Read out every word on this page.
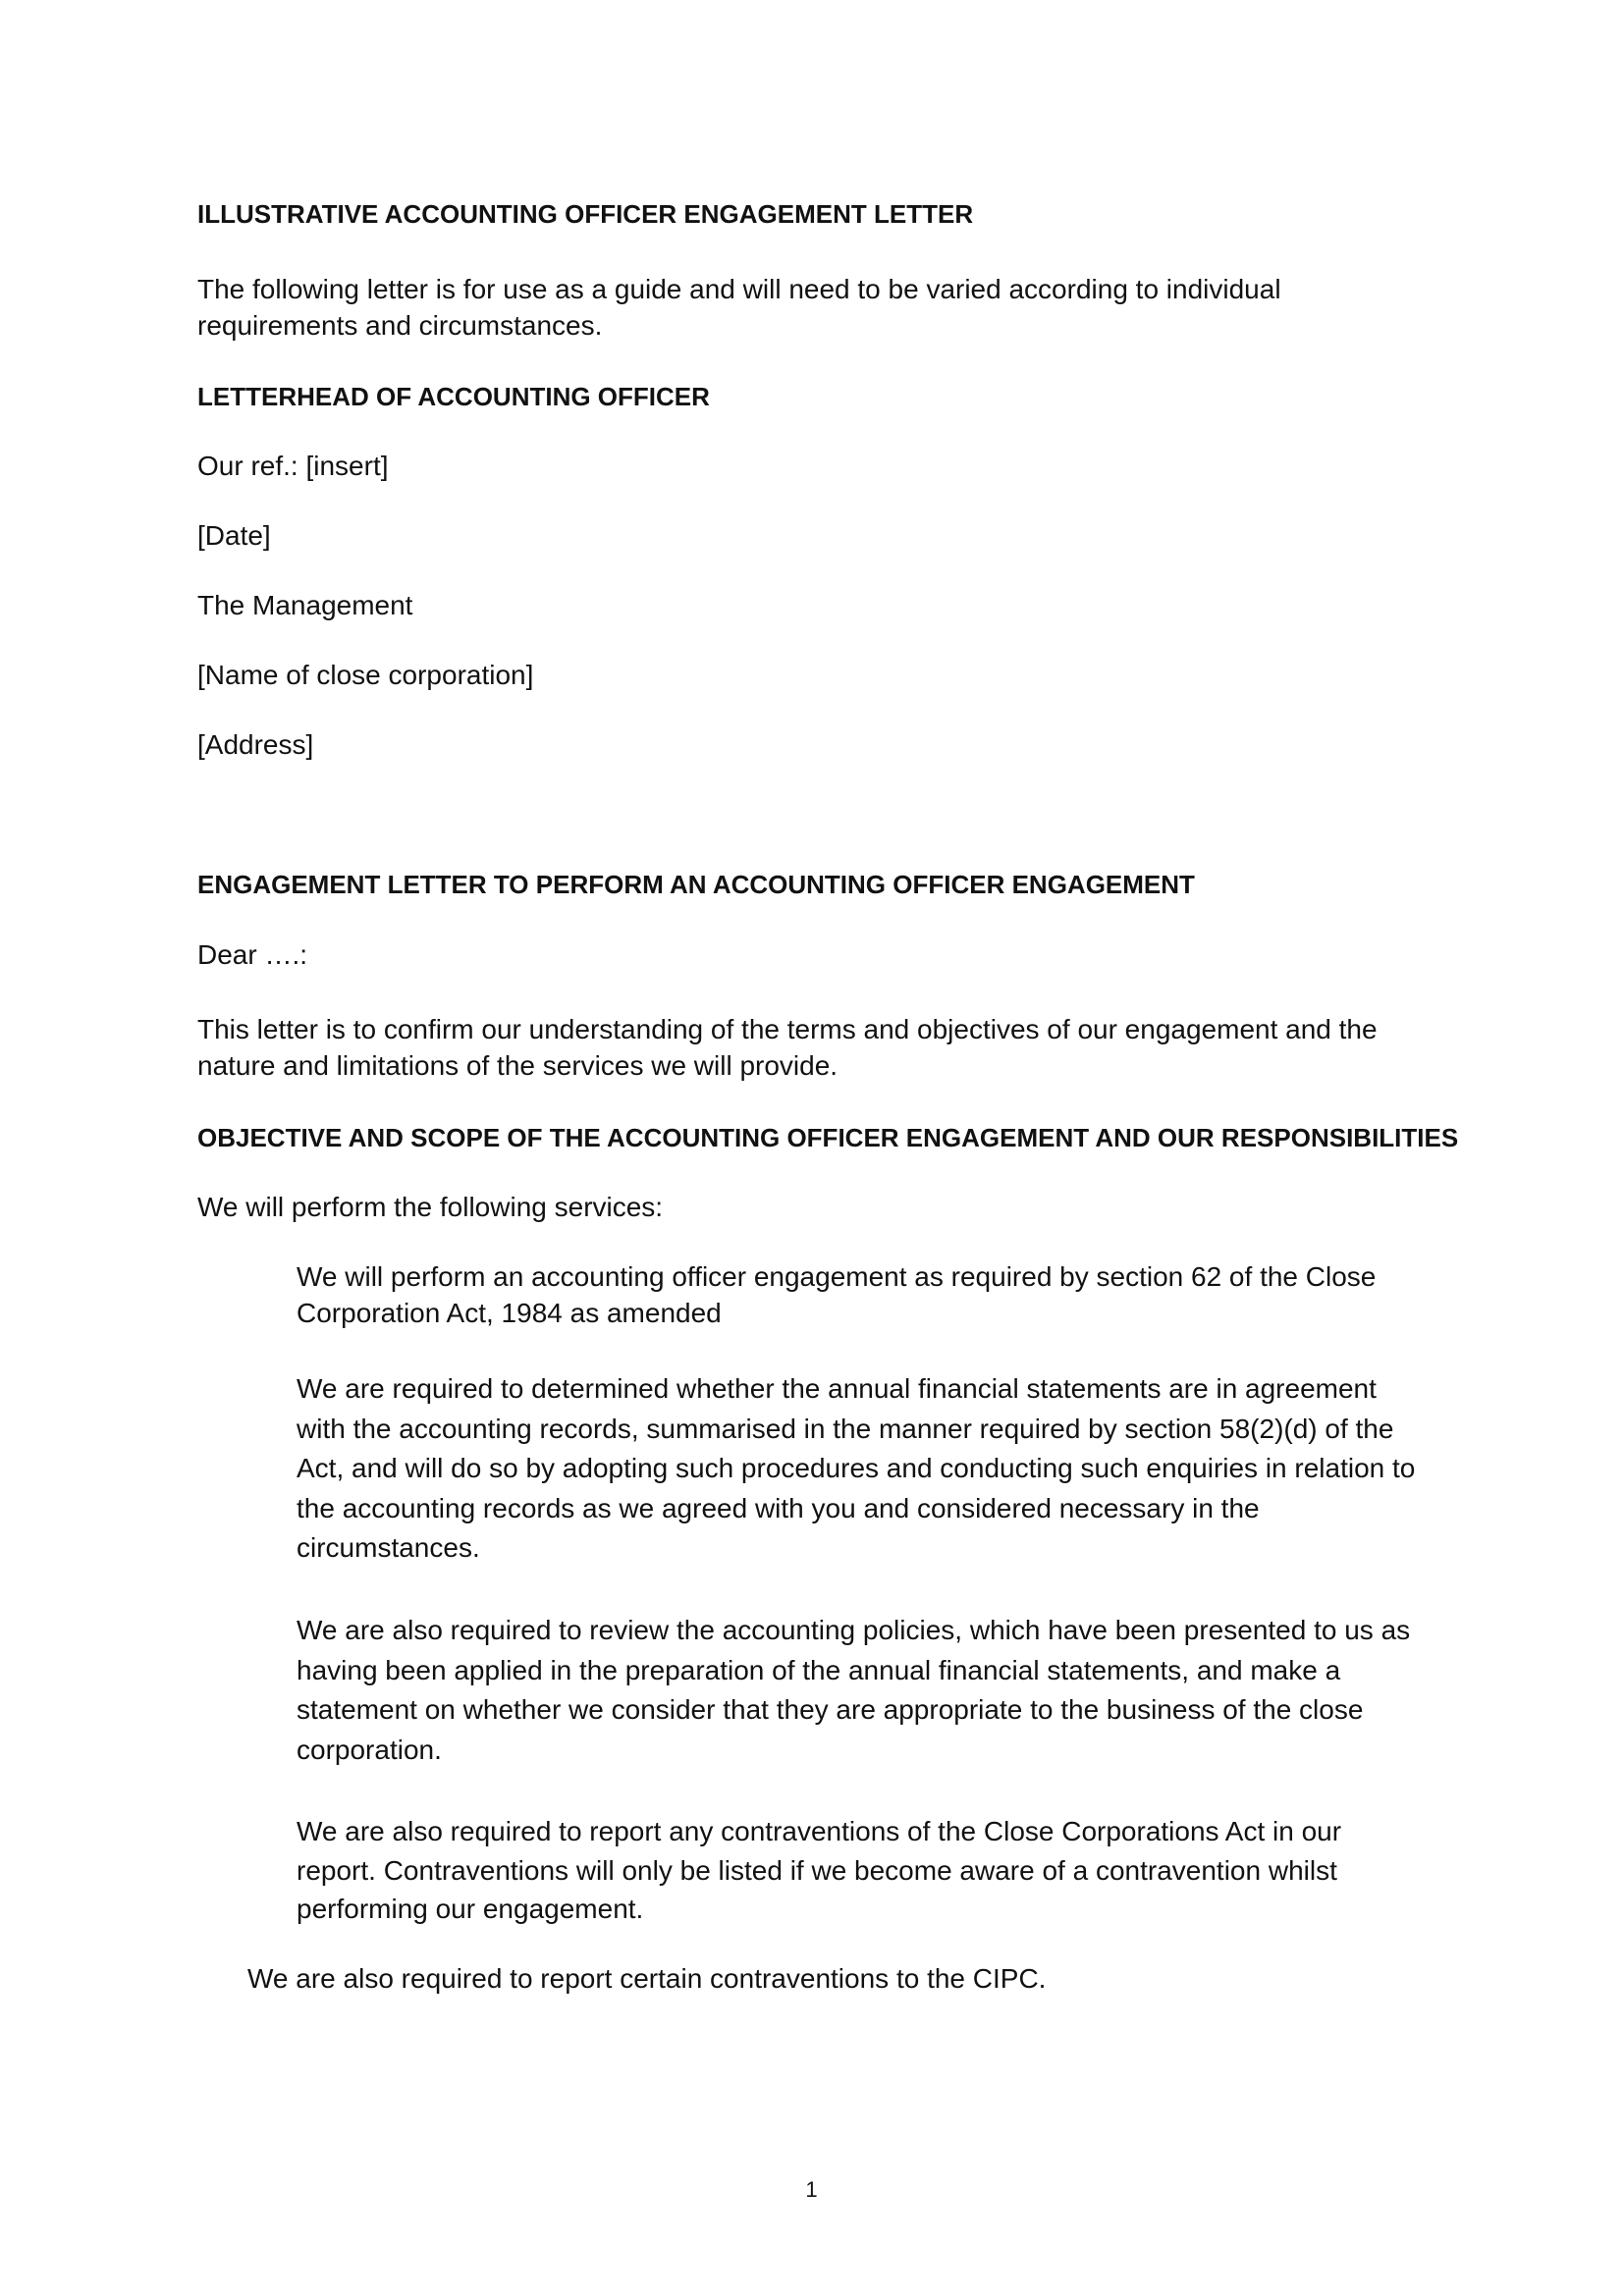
ILLUSTRATIVE ACCOUNTING OFFICER ENGAGEMENT LETTER

The following letter is for use as a guide and will need to be varied according to individual

requirements and circumstances.

LETTERHEAD OF ACCOUNTING OFFICER

Our ref.: [insert]

[Date]

The Management

[Name of close corporation]

[Address]

ENGAGEMENT LETTER TO PERFORM AN ACCOUNTING OFFICER ENGAGEMENT

Dear ….:

This letter is to confirm our understanding of the terms and objectives of our engagement and the

nature and limitations of the services we will provide.

OBJECTIVE AND SCOPE OF THE ACCOUNTING OFFICER ENGAGEMENT AND OUR RESPONSIBILITIES

We will perform the following services:

We will perform an accounting officer engagement as required by section 62 of the Close

Corporation Act, 1984 as amended

We are required to determined whether the annual financial statements are in agreement
with the accounting records, summarised in the manner required by section 58(2)(d) of the
Act, and will do so by adopting such procedures and conducting such enquiries in relation to
the accounting records as we agreed with you and considered necessary in the
circumstances.
We are also required to review the accounting policies, which have been presented to us as
having been applied in the preparation of the annual financial statements, and make a
statement on whether we consider that they are appropriate to the business of the close
corporation.
We are also required to report any contraventions of the Close Corporations Act in our
report. Contraventions will only be listed if we become aware of a contravention whilst
performing our engagement.

We are also required to report certain contraventions to the CIPC.

1
